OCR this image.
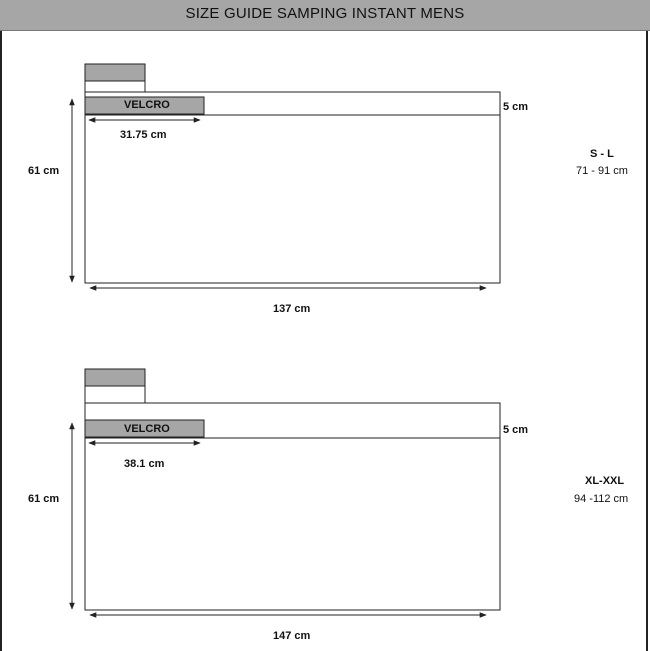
SIZE GUIDE SAMPING INSTANT MENS
VELCRO
31.75 cm
5 cm
61 cm
137 cm
S - L
71 - 91 cm
VELCRO
38.1 cm
5 cm
61 cm
147 cm
XL-XXL
94 -112 cm
